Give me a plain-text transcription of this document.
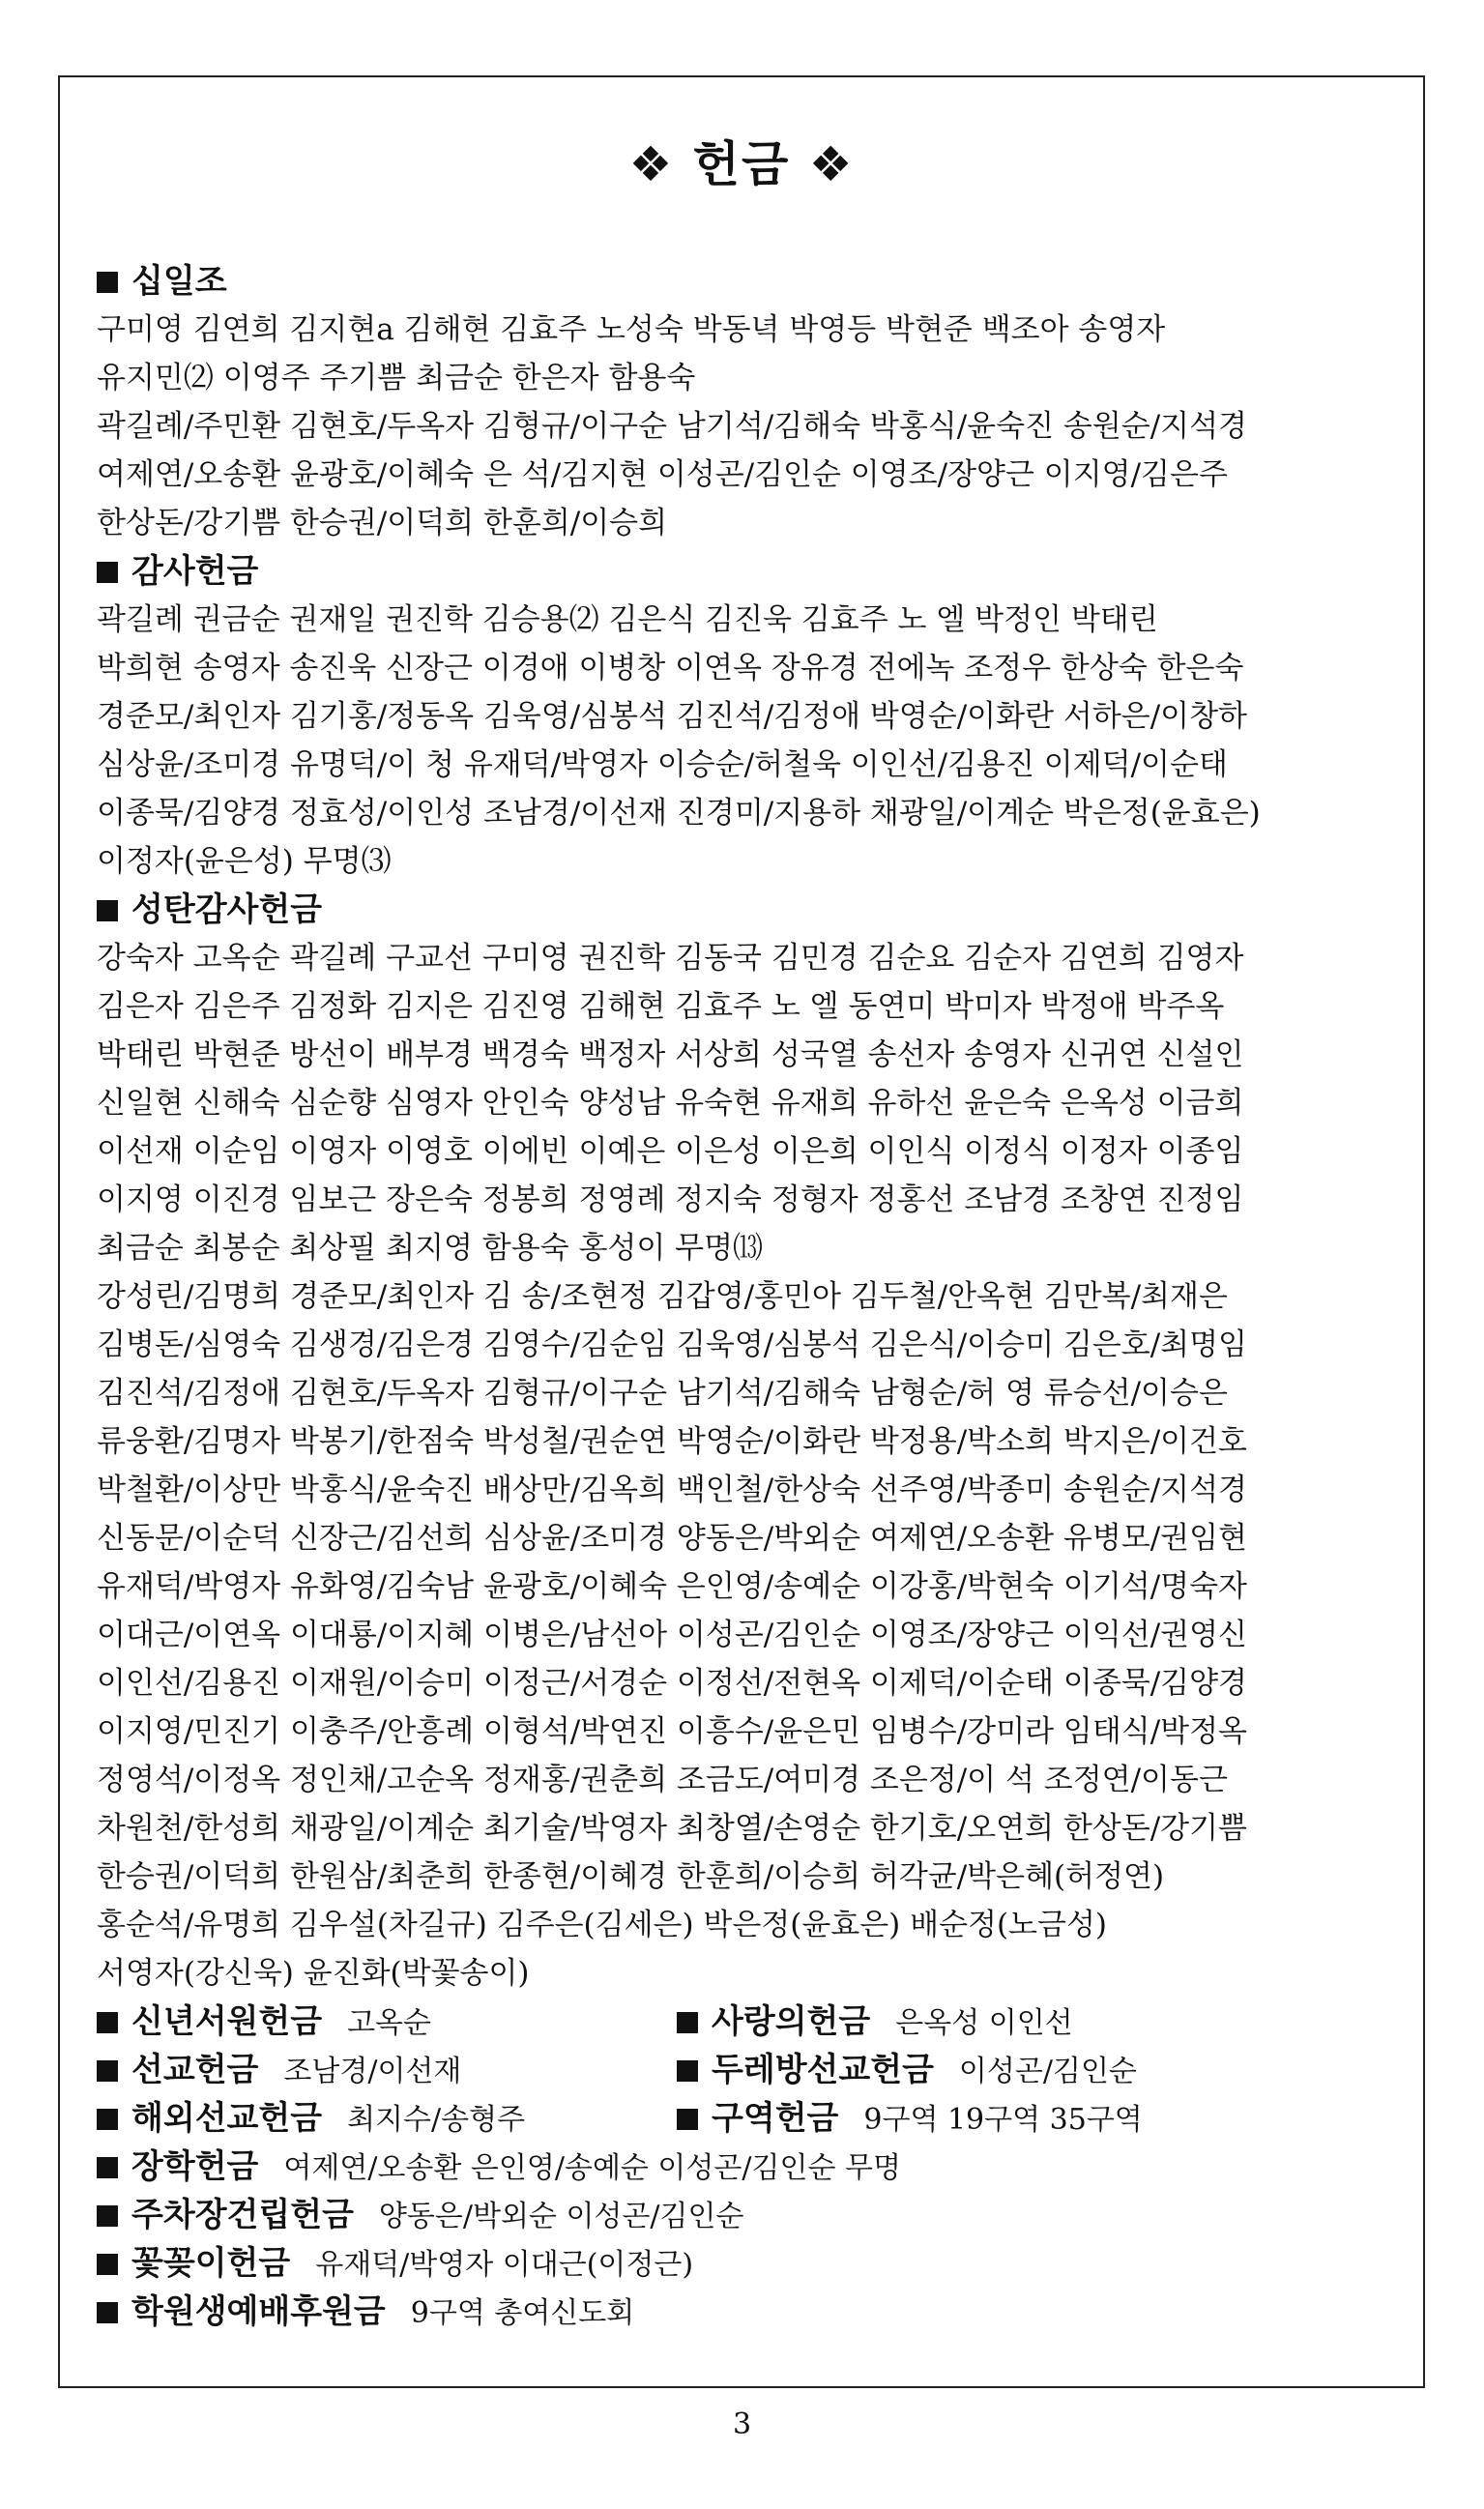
❖ 헌금 ❖
십일조
구미영 김연희 김지현a 김해현 김효주 노성숙 박동녁 박영등 박현준 백조아 송영자
유지민⑵ 이영주 주기쁨 최금순 한은자 함용숙
곽길례/주민환 김현호/두옥자 김형규/이구순 남기석/김해숙 박홍식/윤숙진 송원순/지석경
여제연/오송환 윤광호/이혜숙 은 석/김지현 이성곤/김인순 이영조/장양근 이지영/김은주
한상돈/강기쁨 한승권/이덕희 한훈희/이승희
감사헌금
곽길례 권금순 권재일 권진학 김승용⑵ 김은식 김진욱 김효주 노 엘 박정인 박태린
박희현 송영자 송진욱 신장근 이경애 이병창 이연옥 장유경 전에녹 조정우 한상숙 한은숙
경준모/최인자 김기홍/정동옥 김욱영/심봉석 김진석/김정애 박영순/이화란 서하은/이창하
심상윤/조미경 유명덕/이 청 유재덕/박영자 이승순/허철욱 이인선/김용진 이제덕/이순태
이종묵/김양경 정효성/이인성 조남경/이선재 진경미/지용하 채광일/이계순 박은정(윤효은)
이정자(윤은성) 무명⑶
성탄감사헌금
강숙자 고옥순 곽길례 구교선 구미영 권진학 김동국 김민경 김순요 김순자 김연희 김영자
김은자 김은주 김정화 김지은 김진영 김해현 김효주 노 엘 동연미 박미자 박정애 박주옥
박태린 박현준 방선이 배부경 백경숙 백정자 서상희 성국열 송선자 송영자 신귀연 신설인
신일현 신해숙 심순향 심영자 안인숙 양성남 유숙현 유재희 유하선 윤은숙 은옥성 이금희
이선재 이순임 이영자 이영호 이에빈 이예은 이은성 이은희 이인식 이정식 이정자 이종임
이지영 이진경 임보근 장은숙 정봉희 정영례 정지숙 정형자 정홍선 조남경 조창연 진정임
최금순 최봉순 최상필 최지영 함용숙 홍성이 무명⒀
강성린/김명희 경준모/최인자 김 송/조현정 김갑영/홍민아 김두철/안옥현 김만복/최재은
김병돈/심영숙 김생경/김은경 김영수/김순임 김욱영/심봉석 김은식/이승미 김은호/최명임
김진석/김정애 김현호/두옥자 김형규/이구순 남기석/김해숙 남형순/허 영 류승선/이승은
류웅환/김명자 박봉기/한점숙 박성철/권순연 박영순/이화란 박정용/박소희 박지은/이건호
박철환/이상만 박홍식/윤숙진 배상만/김옥희 백인철/한상숙 선주영/박종미 송원순/지석경
신동문/이순덕 신장근/김선희 심상윤/조미경 양동은/박외순 여제연/오송환 유병모/권임현
유재덕/박영자 유화영/김숙남 윤광호/이혜숙 은인영/송예순 이강홍/박현숙 이기석/명숙자
이대근/이연옥 이대룡/이지혜 이병은/남선아 이성곤/김인순 이영조/장양근 이익선/권영신
이인선/김용진 이재원/이승미 이정근/서경순 이정선/전현옥 이제덕/이순태 이종묵/김양경
이지영/민진기 이충주/안흥례 이형석/박연진 이흥수/윤은민 임병수/강미라 임태식/박정옥
정영석/이정옥 정인채/고순옥 정재홍/권춘희 조금도/여미경 조은정/이 석 조정연/이동근
차원천/한성희 채광일/이계순 최기술/박영자 최창열/손영순 한기호/오연희 한상돈/강기쁨
한승권/이덕희 한원삼/최춘희 한종현/이혜경 한훈희/이승희 허각균/박은혜(허정연)
홍순석/유명희 김우설(차길규) 김주은(김세은) 박은정(윤효은) 배순정(노금성)
서영자(강신욱) 윤진화(박꽃송이)
신년서원헌금 고옥순	사랑의헌금 은옥성 이인선
선교헌금 조남경/이선재	두레방선교헌금 이성곤/김인순
해외선교헌금 최지수/송형주	구역헌금 9구역 19구역 35구역
장학헌금 여제연/오송환 은인영/송예순 이성곤/김인순 무명
주차장건립헌금 양동은/박외순 이성곤/김인순
꽃꽂이헌금 유재덕/박영자 이대근(이정근)
학원생예배후원금 9구역 총여신도회
3
